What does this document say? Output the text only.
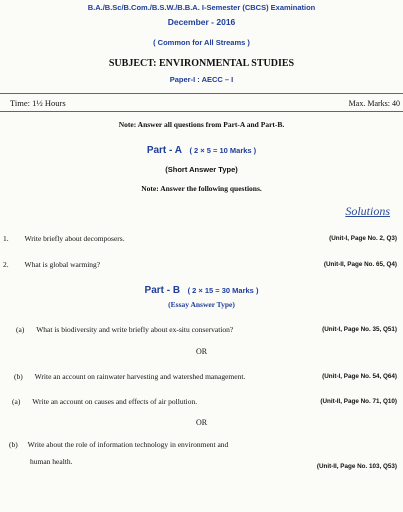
B.A./B.Sc/B.Com./B.S.W./B.B.A. I-Semester (CBCS) Examination
December - 2016
( Common for All Streams )
SUBJECT: ENVIRONMENTAL STUDIES
Paper-I : AECC – I
Time: 1½ Hours	Max. Marks: 40
Note: Answer all questions from Part-A and Part-B.
Part - A ( 2 × 5 = 10 Marks )
(Short Answer Type)
Note: Answer the following questions.
Solutions
1. Write briefly about decomposers.	(Unit-I, Page No. 2, Q3)
2. What is global warming?	(Unit-II, Page No. 65, Q4)
Part - B ( 2 × 15 = 30 Marks )
(Essay Answer Type)
(a) What is biodiversity and write briefly about ex-situ conservation?	(Unit-I, Page No. 35, Q51)
OR
(b) Write an account on rainwater harvesting and watershed management.	(Unit-I, Page No. 54, Q64)
(a) Write an account on causes and effects of air pollution.	(Unit-II, Page No. 71, Q10)
OR
(b) Write about the role of information technology in environment and
human health.
(Unit-II, Page No. 103, Q53)
